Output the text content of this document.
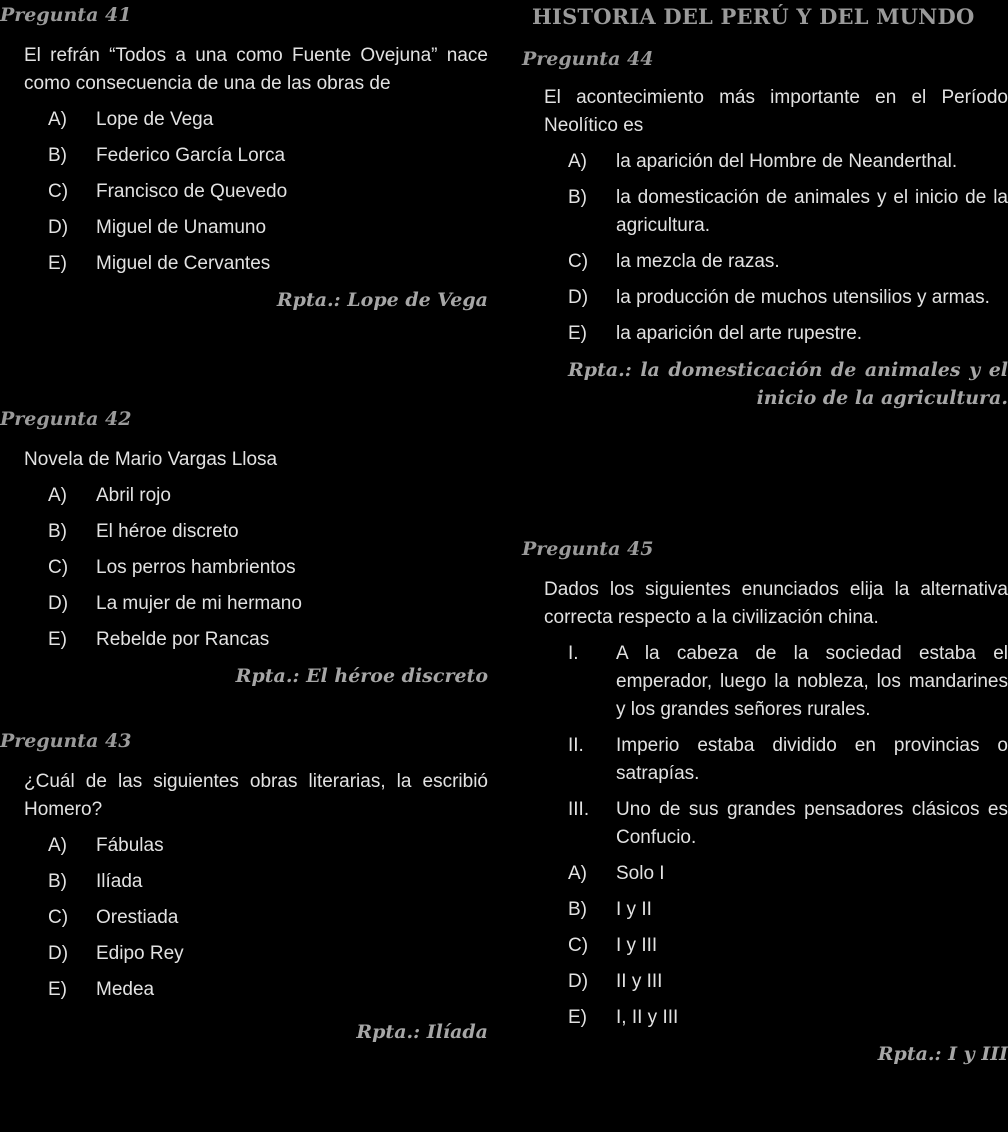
Pregunta 41

El refrán “Todos a una como Fuente Ovejuna” nace como consecuencia de una de las obras de

A)	Lope de Vega
B)	Federico García Lorca
C)	Francisco de Quevedo
D)	Miguel de Unamuno
E)	Miguel de Cervantes
Rpta.: Lope de Vega

Pregunta 42

Novela de Mario Vargas Llosa

A)	Abril rojo
B)	El héroe discreto
C)	Los perros hambrientos
D)	La mujer de mi hermano
E)	Rebelde por Rancas
Rpta.: El héroe discreto

Pregunta 43

¿Cuál de las siguientes obras literarias, la escribió Homero?

A)	Fábulas
B)	Ilíada
C)	Orestiada
D)	Edipo Rey
E)	Medea
Rpta.: Ilíada
HISTORIA DEL PERÚ Y DEL MUNDO

Pregunta 44

El acontecimiento más importante en el Período Neolítico es

A)	la aparición del Hombre de Neanderthal.
B)	la domesticación de animales y el inicio de la agricultura.
C)	la mezcla de razas.
D)	la producción de muchos utensilios y armas.
E)	la aparición del arte rupestre.
Rpta.: la domesticación de animales y el inicio de la agricultura.

Pregunta 45

Dados los siguientes enunciados elija la alternativa correcta respecto a la civilización china.

I.	A la cabeza de la sociedad estaba el emperador, luego la nobleza, los mandarines y los grandes señores rurales.
II.	Imperio estaba dividido en provincias o satrapías.
III.	Uno de sus grandes pensadores clásicos es Confucio.
A)	Solo I
B)	I y II
C)	I y III
D)	II y III
E)	I, II y III
Rpta.: I y III
